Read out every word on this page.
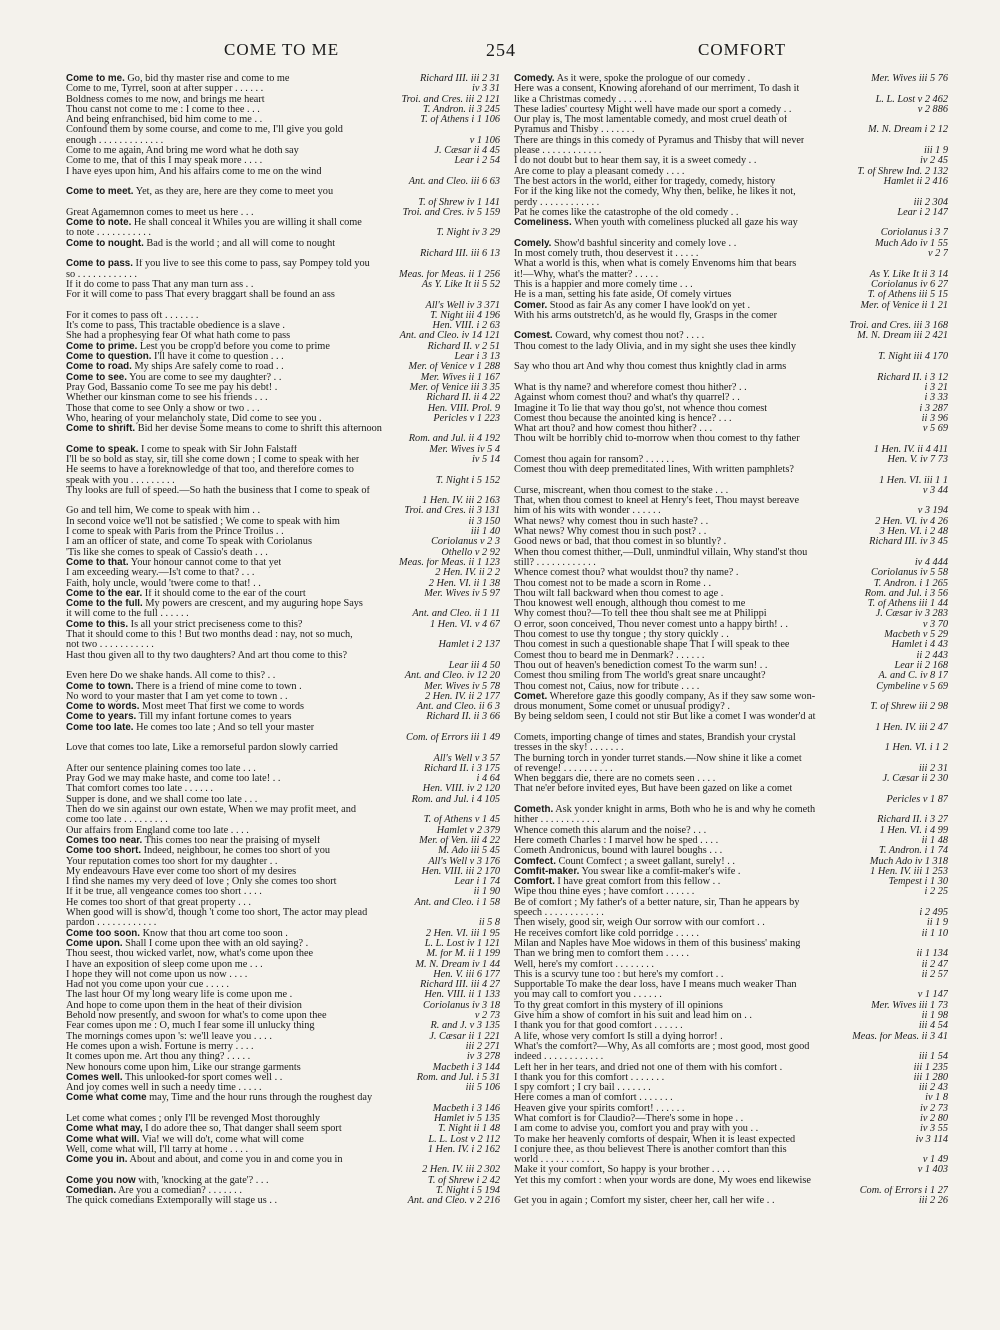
COME TO ME	254	COMFORT
Come to me. Go, bid thy master rise and come to me	Richard III. iii 2 31
Come to me, Tyrrel, soon at after supper . . . . . .	iv 3 31
Boldness comes to me now, and brings me heart	Troi. and Cres. iii 2 121
Thou canst not come to me : I come to thee . . .	T. Andron. ii 3 245
And being enfranchised, bid him come to me . .	T. of Athens i 1 106
Confound them by some course, and come to me, I'll give you gold
enough . . . . . . . . . . . . .	v 1 106
Come to me again, And bring me word what he doth say	J. Cæsar ii 4 45
Come to me, that of this I may speak more . . . .	Lear i 2 54
I have eyes upon him, And his affairs come to me on the wind
Ant. and Cleo. iii 6 63
Come to meet. Yet, as they are, here are they come to meet you
T. of Shrew iv 1 141
Great Agamemnon comes to meet us here . . .	Troi. and Cres. iv 5 159
Come to note. He shall conceal it Whiles you are willing it shall come
to note . . . . . . . . . . .	T. Night iv 3 29
Come to nought. Bad is the world ; and all will come to nought
Richard III. iii 6 13
Come to pass. If you live to see this come to pass, say Pompey told you
so . . . . . . . . . . . .	Meas. for Meas. ii 1 256
If it do come to pass That any man turn ass . .	As Y. Like It ii 5 52
For it will come to pass That every braggart shall be found an ass
All's Well iv 3 371
For it comes to pass oft . . . . . . .	T. Night iii 4 196
It's come to pass, This tractable obedience is a slave .	Hen. VIII. i 2 63
She had a prophesying fear Of what hath come to pass	Ant. and Cleo. iv 14 121
Come to prime. Lest you be cropp'd before you come to prime	Richard II. v 2 51
Come to question. I'll have it come to question . . .	Lear i 3 13
Come to road. My ships Are safely come to road . .	Mer. of Venice v 1 288
Come to see. You are come to see my daughter? . .	Mer. Wives ii 1 167
Pray God, Bassanio come To see me pay his debt! .	Mer. of Venice iii 3 35
Whether our kinsman come to see his friends . . .	Richard II. ii 4 22
Those that come to see Only a show or two . . .	Hen. VIII. Prol. 9
Who, hearing of your melancholy state, Did come to see you .	Pericles v 1 223
Come to shrift. Bid her devise Some means to come to shrift this afternoon
Rom. and Jul. ii 4 192
Come to speak. I come to speak with Sir John Falstaff	Mer. Wives iv 5 4
I'll be so bold as stay, sir, till she come down ; I come to speak with her	iv 5 14
He seems to have a foreknowledge of that too, and therefore comes to
speak with you . . . . . . . . .	T. Night i 5 152
Thy looks are full of speed.—So hath the business that I come to speak of
1 Hen. IV. iii 2 163
Go and tell him, We come to speak with him . .	Troi. and Cres. ii 3 131
In second voice we'll not be satisfied ; We come to speak with him	ii 3 150
I come to speak with Paris from the Prince Troilus . .	iii 1 40
I am an officer of state, and come To speak with Coriolanus	Coriolanus v 2 3
'Tis like she comes to speak of Cassio's death . . .	Othello v 2 92
Come to that. Your honour cannot come to that yet	Meas. for Meas. ii 1 123
I am exceeding weary.—Is't come to that? . . .	2 Hen. IV. ii 2 2
Faith, holy uncle, would 'twere come to that! . .	2 Hen. VI. ii 1 38
Come to the ear. If it should come to the ear of the court	Mer. Wives iv 5 97
Come to the full. My powers are crescent, and my auguring hope Says
it will come to the full . . . . . .	Ant. and Cleo. ii 1 11
Come to this. Is all your strict preciseness come to this?	1 Hen. VI. v 4 67
That it should come to this ! But two months dead : nay, not so much,
not two . . . . . . . . . . .	Hamlet i 2 137
Hast thou given all to thy two daughters? And art thou come to this?
Lear iii 4 50
Even here Do we shake hands. All come to this? . .	Ant. and Cleo. iv 12 20
Come to town. There is a friend of mine come to town .	Mer. Wives iv 5 78
No word to your master that I am yet come to town . .	2 Hen. IV. ii 2 177
Come to words. Most meet That first we come to words	Ant. and Cleo. ii 6 3
Come to years. Till my infant fortune comes to years	Richard II. ii 3 66
Come too late. He comes too late ; And so tell your master
Com. of Errors iii 1 49
Love that comes too late, Like a remorseful pardon slowly carried
All's Well v 3 57
After our sentence plaining comes too late . . .	Richard II. i 3 175
Pray God we may make haste, and come too late! . .	i 4 64
That comfort comes too late . . . . . .	Hen. VIII. iv 2 120
Supper is done, and we shall come too late . . .	Rom. and Jul. i 4 105
Then do we sin against our own estate, When we may profit meet, and
come too late . . . . . . . . .	T. of Athens v 1 45
Our affairs from England come too late . . . .	Hamlet v 2 379
Comes too near. This comes too near the praising of myself	Mer. of Ven. iii 4 22
Come too short. Indeed, neighbour, he comes too short of you	M. Ado iii 5 45
Your reputation comes too short for my daughter . .	All's Well v 3 176
My endeavours Have ever come too short of my desires	Hen. VIII. iii 2 170
I find she names my very deed of love ; Only she comes too short	Lear i 1 74
If it be true, all vengeance comes too short . . . .	ii 1 90
He comes too short of that great property . . .	Ant. and Cleo. i 1 58
When good will is show'd, though 't come too short, The actor may plead
pardon . . . . . . . . . . . .	ii 5 8
Come too soon. Know that thou art come too soon .	2 Hen. VI. iii 1 95
Come upon. Shall I come upon thee with an old saying? .	L. L. Lost iv 1 121
Thou seest, thou wicked varlet, now, what's come upon thee	M. for M. ii 1 199
I have an exposition of sleep come upon me . . .	M. N. Dream iv 1 44
I hope they will not come upon us now . . . .	Hen. V. iii 6 177
Had not you come upon your cue . . . . .	Richard III. iii 4 27
The last hour Of my long weary life is come upon me .	Hen. VIII. ii 1 133
And hope to come upon them in the heat of their division	Coriolanus iv 3 18
Behold now presently, and swoon for what's to come upon thee	v 2 73
Fear comes upon me : O, much I fear some ill unlucky thing	R. and J. v 3 135
The mornings comes upon 's: we'll leave you . . . .	J. Cæsar ii 1 221
He comes upon a wish. Fortune is merry . . . .	iii 2 271
It comes upon me. Art thou any thing? . . . . .	iv 3 278
New honours come upon him, Like our strange garments	Macbeth i 3 144
Comes well. This unlooked-for sport comes well . .	Rom. and Jul. i 5 31
And joy comes well in such a needy time . . . . .	iii 5 106
Come what come may, Time and the hour runs through the roughest day
Macbeth i 3 146
Let come what comes ; only I'll be revenged Most thoroughly	Hamlet iv 5 135
Come what may, I do adore thee so, That danger shall seem sport	T. Night ii 1 48
Come what will. Via! we will do't, come what will come	L. L. Lost v 2 112
Well, come what will, I'll tarry at home . . . .	1 Hen. IV. i 2 162
Come you in. About and about, and come you in and come you in
2 Hen. IV. iii 2 302
Come you now with, 'knocking at the gate'? . . .	T. of Shrew i 2 42
Comedian. Are you a comedian? . . . . . . .	T. Night i 5 194
The quick comedians Extemporally will stage us . .	Ant. and Cleo. v 2 216
Comedy. As it were, spoke the prologue of our comedy .	Mer. Wives iii 5 76
Here was a consent, Knowing aforehand of our merriment, To dash it
like a Christmas comedy . . . . . . .	L. L. Lost v 2 462
These ladies' courtesy Might well have made our sport a comedy . .	v 2 886
Our play is, The most lamentable comedy, and most cruel death of
Pyramus and Thisby . . . . . . .	M. N. Dream i 2 12
There are things in this comedy of Pyramus and Thisby that will never
please . . . . . . . . . . . .	iii 1 9
I do not doubt but to hear them say, it is a sweet comedy . .	iv 2 45
Are come to play a pleasant comedy . . . .	T. of Shrew Ind. 2 132
The best actors in the world, either for tragedy, comedy, history	Hamlet ii 2 416
For if the king like not the comedy, Why then, belike, he likes it not,
perdy . . . . . . . . . . . .	iii 2 304
Pat he comes like the catastrophe of the old comedy . .	Lear i 2 147
Comeliness. When youth with comeliness plucked all gaze his way
Coriolanus i 3 7
Comely. Show'd bashful sincerity and comely love . .	Much Ado iv 1 55
In most comely truth, thou deservest it . . . . .	v 2 7
What a world is this, when what is comely Envenoms him that bears
it!—Why, what's the matter? . . . . .	As Y. Like It ii 3 14
This is a happier and more comely time . . .	Coriolanus iv 6 27
He is a man, setting his fate aside, Of comely virtues	T. of Athens iii 5 15
Comer. Stood as fair As any comer I have look'd on yet .	Mer. of Venice ii 1 21
With his arms outstretch'd, as he would fly, Grasps in the comer
Troi. and Cres. iii 3 168
Comest. Coward, why comest thou not? . . . .	M. N. Dream iii 2 421
Thou comest to the lady Olivia, and in my sight she uses thee kindly
T. Night iii 4 170
Say who thou art And why thou comest thus knightly clad in arms
Richard II. i 3 12
What is thy name? and wherefore comest thou hither? . .	i 3 21
Against whom comest thou? and what's thy quarrel? . .	i 3 33
Imagine it To lie that way thou go'st, not whence thou comest	i 3 287
Comest thou because the anointed king is hence? . . .	ii 3 96
What art thou? and how comest thou hither? . . .	v 5 69
Thou wilt be horribly chid to-morrow when thou comest to thy father
1 Hen. IV. ii 4 411
Comest thou again for ransom? . . . . . .	Hen. V. iv 7 73
Comest thou with deep premeditated lines, With written pamphlets?
1 Hen. VI. iii 1 1
Curse, miscreant, when thou comest to the stake . . .	v 3 44
That, when thou comest to kneel at Henry's feet, Thou mayst bereave
him of his wits with wonder . . . . . .	v 3 194
What news? why comest thou in such haste? . .	2 Hen. VI. iv 4 26
What news? Why comest thou in such post? . .	3 Hen. VI. i 2 48
Good news or bad, that thou comest in so bluntly? .	Richard III. iv 3 45
When thou comest thither,—Dull, unmindful villain, Why stand'st thou
still? . . . . . . . . . . . .	iv 4 444
Whence comest thou? what wouldst thou? thy name? .	Coriolanus iv 5 58
Thou comest not to be made a scorn in Rome . .	T. Andron. i 1 265
Thou wilt fall backward when thou comest to age .	Rom. and Jul. i 3 56
Thou knowest well enough, although thou comest to me	T. of Athens iii 1 44
Why comest thou?—To tell thee thou shalt see me at Philippi	J. Cæsar iv 3 283
O error, soon conceived, Thou never comest unto a happy birth! . .	v 3 70
Thou comest to use thy tongue ; thy story quickly . .	Macbeth v 5 29
Thou comest in such a questionable shape That I will speak to thee	Hamlet i 4 43
Comest thou to beard me in Denmark? . . . . . .	ii 2 443
Thou out of heaven's benediction comest To the warm sun! . .	Lear ii 2 168
Comest thou smiling from The world's great snare uncaught?	A. and C. iv 8 17
Thou comest not, Caius, now for tribute . . . .	Cymbeline v 5 69
Comet. Wherefore gaze this goodly company, As if they saw some won-
drous monument, Some comet or unusual prodigy? .	T. of Shrew iii 2 98
By being seldom seen, I could not stir But like a comet I was wonder'd at
1 Hen. IV. iii 2 47
Comets, importing change of times and states, Brandish your crystal
tresses in the sky! . . . . . . .	1 Hen. VI. i 1 2
The burning torch in yonder turret stands.—Now shine it like a comet
of revenge! . . . . . . . . . .	iii 2 31
When beggars die, there are no comets seen . . . .	J. Cæsar ii 2 30
That ne'er before invited eyes, But have been gazed on like a comet
Pericles v 1 87
Cometh. Ask yonder knight in arms, Both who he is and why he cometh
hither . . . . . . . . . . . .	Richard II. i 3 27
Whence cometh this alarum and the noise? . . .	1 Hen. VI. i 4 99
Here cometh Charles : I marvel how he sped . . . .	ii 1 48
Cometh Andronicus, bound with laurel boughs . . .	T. Andron. i 1 74
Comfect. Count Comfect ; a sweet gallant, surely! . .	Much Ado iv 1 318
Comfit-maker. You swear like a comfit-maker's wife .	1 Hen. IV. iii 1 253
Comfort. I have great comfort from this fellow . .	Tempest i 1 30
Wipe thou thine eyes ; have comfort . . . . . .	i 2 25
Be of comfort ; My father's of a better nature, sir, Than he appears by
speech . . . . . . . . . . . .	i 2 495
Then wisely, good sir, weigh Our sorrow with our comfort . .	ii 1 9
He receives comfort like cold porridge . . . . .	ii 1 10
Milan and Naples have Moe widows in them of this business' making
Than we bring men to comfort them . . . . .	ii 1 134
Well, here's my comfort . . . . . . . .	ii 2 47
This is a scurvy tune too : but here's my comfort . .	ii 2 57
Supportable To make the dear loss, have I means much weaker Than
you may call to comfort you . . . . . .	v 1 147
To thy great comfort in this mystery of ill opinions	Mer. Wives iii 1 73
Give him a show of comfort in his suit and lead him on . .	ii 1 98
I thank you for that good comfort . . . . . .	iii 4 54
A life, whose very comfort Is still a dying horror! .	Meas. for Meas. ii 3 41
What's the comfort?—Why, As all comforts are ; most good, most good
indeed . . . . . . . . . . . .	iii 1 54
Left her in her tears, and dried not one of them with his comfort .	iii 1 235
I thank you for this comfort . . . . . . .	iii 1 280
I spy comfort ; I cry bail . . . . . . .	iii 2 43
Here comes a man of comfort . . . . . . .	iv 1 8
Heaven give your spirits comfort! . . . . . .	iv 2 73
What comfort is for Claudio?—There's some in hope . .	iv 2 80
I am come to advise you, comfort you and pray with you . .	iv 3 55
To make her heavenly comforts of despair, When it is least expected	iv 3 114
I conjure thee, as thou believest There is another comfort than this
world . . . . . . . . . . . .	v 1 49
Make it your comfort, So happy is your brother . . . .	v 1 403
Yet this my comfort : when your words are done, My woes end likewise
Com. of Errors i 1 27
Get you in again ; Comfort my sister, cheer her, call her wife . .	iii 2 26
